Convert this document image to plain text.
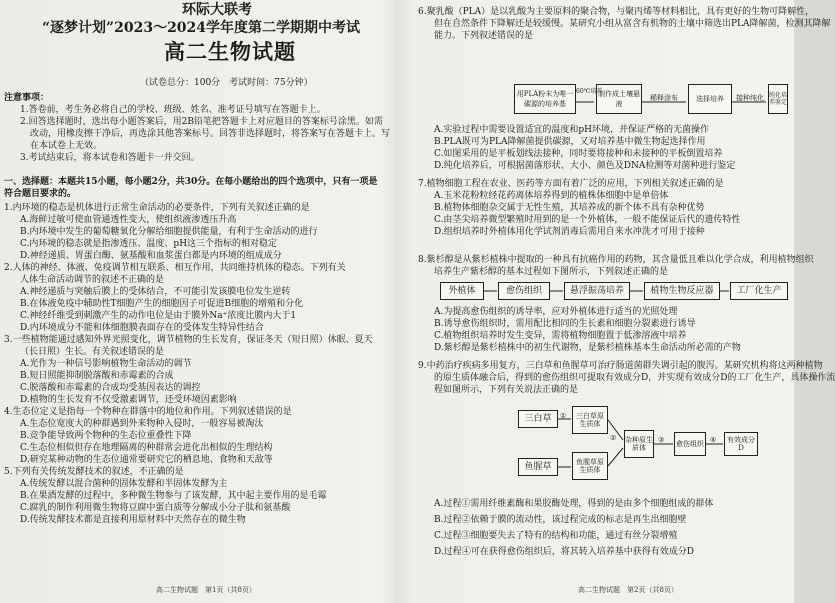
环际大联考
“逐梦计划”2023～2024学年度第二学期期中考试
高二生物试题
（试卷总分：100分　考试时间：75分钟）

注意事项：

1.答卷前，考生务必将自己的学校、班级、姓名、准考证号填写在答题卡上。

2.回答选择题时，选出每小题答案后，用2B铅笔把答题卡上对应题目的答案标号涂黑。如需

改动，用橡皮擦干净后，再选涂其他答案标号。回答非选择题时，将答案写在答题卡上。写

在本试卷上无效。

3.考试结束后，将本试卷和答题卡一并交回。

一、选择题：本题共15小题，每小题2分，共30分。在每小题给出的四个选项中，只有一项是

符合题目要求的。

1.内环境的稳态是机体进行正常生命活动的必要条件，下列有关叙述正确的是

A.海鲜过敏可使血管通透性变大，使组织液渗透压升高

B.内环境中发生的葡萄糖氧化分解给细胞提供能量，有利于生命活动的进行

C.内环境的稳态就是指渗透压、温度、pH这三个指标的相对稳定

D.神经递质、胃蛋白酶、氨基酸和血浆蛋白都是内环境的组成成分

2.人体的神经、体液、免疫调节相互联系、相互作用，共同维持机体的稳态。下列有关

人体生命活动调节的叙述不正确的是

A.神经递质与突触后膜上的受体结合，不可能引发该膜电位发生逆转

B.在体液免疫中辅助性T细胞产生的细胞因子可促进B细胞的增殖和分化

C.神经纤维受到刺激产生的动作电位是由于膜外Na⁺浓度比膜内大于1

D.内环境成分不能和体细胞膜表面存在的受体发生特异性结合

3.一些植物能通过感知外界光照变化，调节植物的生长发育，保证冬天（短日照）休眠、夏天

（长日照）生长。有关叙述错误的是

A.光作为一种信号影响植物生命活动的调节

B.短日照能抑制脱落酸和赤霉素的合成

C.脱落酸和赤霉素的合成均受基因表达的调控

D.植物的生长发育不仅受激素调节，还受环境因素影响

4.生态位定义是指每一个物种在群落中的地位和作用。下列叙述错误的是

A.生态位宽度大的种群遇到外来物种入侵时，一般容易被淘汰

B.竞争能导致两个物种的生态位重叠性下降

C.生态位相似但存在地理隔离的种群常会进化出相似的生理结构

D.研究某种动物的生态位通常要研究它的栖息地、食物和天敌等

5.下列有关传统发酵技术的叙述，不正确的是

A.传统发酵以混合菌种的固体发酵和半固体发酵为主

B.在果酒发酵的过程中，多种微生物参与了该发酵，其中起主要作用的是毛霉

C.腐乳的制作利用微生物将豆腐中蛋白质等分解成小分子肽和氨基酸

D.传统发酵技术都是直接利用原材料中天然存在的微生物

高二生物试题　第1页（共8页）

6.聚乳酸（PLA）是以乳酸为主要原料的聚合物，与聚丙烯等材料相比，具有更好的生物可降解性，

但在自然条件下降解还是较缓慢。某研究小组从富含有机物的土壤中筛选出PLA降解菌，检测其降解

能力。下列叙述错误的是

用PLA粉末为唯一碳源的培养基
制作成土壤悬液
稀释涂布	选择培养	接种纯化 纯化培养鉴定
60℃培养

A.实验过程中需要设置适宜的温度和pH环境，并保证严格的无菌操作

B.PLA既可为PLA降解菌提供碳源，又对培养基中微生物起选择作用

C.如图采用的是平板划线法接种，同时要将接种和未接种的平板倒置培养

D.纯化培养后，可根据菌落形状、大小、颜色及DNA检测等对菌种进行鉴定

7.植物细胞工程在农业、医药等方面有着广泛的应用，下列相关叙述正确的是

A.玉米花粉粒经花药离体培养得到的植株体细胞中是单倍体

B.植物体细胞杂交属于无性生殖，其培养成的新个体不具有杂种优势

C.由茎尖培养微型繁殖时用到的是一个外植体，一般不能保证后代的遗传特性

D.组织培养时外植体用化学试剂消毒后需用自来水冲洗才可用于接种

8.紫杉醇是从紫杉植株中提取的一种具有抗癌作用的药物，其含量低且难以化学合成，利用植物组织

培养生产紫杉醇的基本过程如下图所示，下列叙述正确的是

外植体	愈伤组织	悬浮振荡培养	植物生物反应器	工厂化生产

A.为提高愈伤组织的诱导率，应对外植体进行适当的光照处理

B.诱导愈伤组织时，需用配比相同的生长素和细胞分裂素进行诱导

C.植物组织培养时发生变异，需将植物细胞置于低渗溶液中培养

D.紫杉醇是紫杉植株中的初生代谢物，是紫杉植株基本生命活动所必需的产物

9.中药治疗疾病多用复方，三白草和鱼腥草可治疗肠道菌群失调引起的腹泻。某研究机构将这两种植物

的原生质体融合后，得到的愈伤组织可提取有效成分D，并实现有效成分D的工厂化生产，具体操作流

程如图所示，下列有关说法正确的是

三白草
鱼腥草
三白草原生质体
鱼腥草原生质体
杂种原生质体	愈伤组织	有效成分D
①
②	③	④

A.过程①需用纤维素酶和果胶酶处理，得到的是由多个细胞组成的群体

B.过程②依赖于膜的流动性，该过程完成的标志是再生出细胞壁

C.过程③细胞要失去了特有的结构和功能，通过有丝分裂增殖

D.过程④可在获得愈伤组织后，将其转入培养基中获得有效成分D

高二生物试题　第2页（共8页）
